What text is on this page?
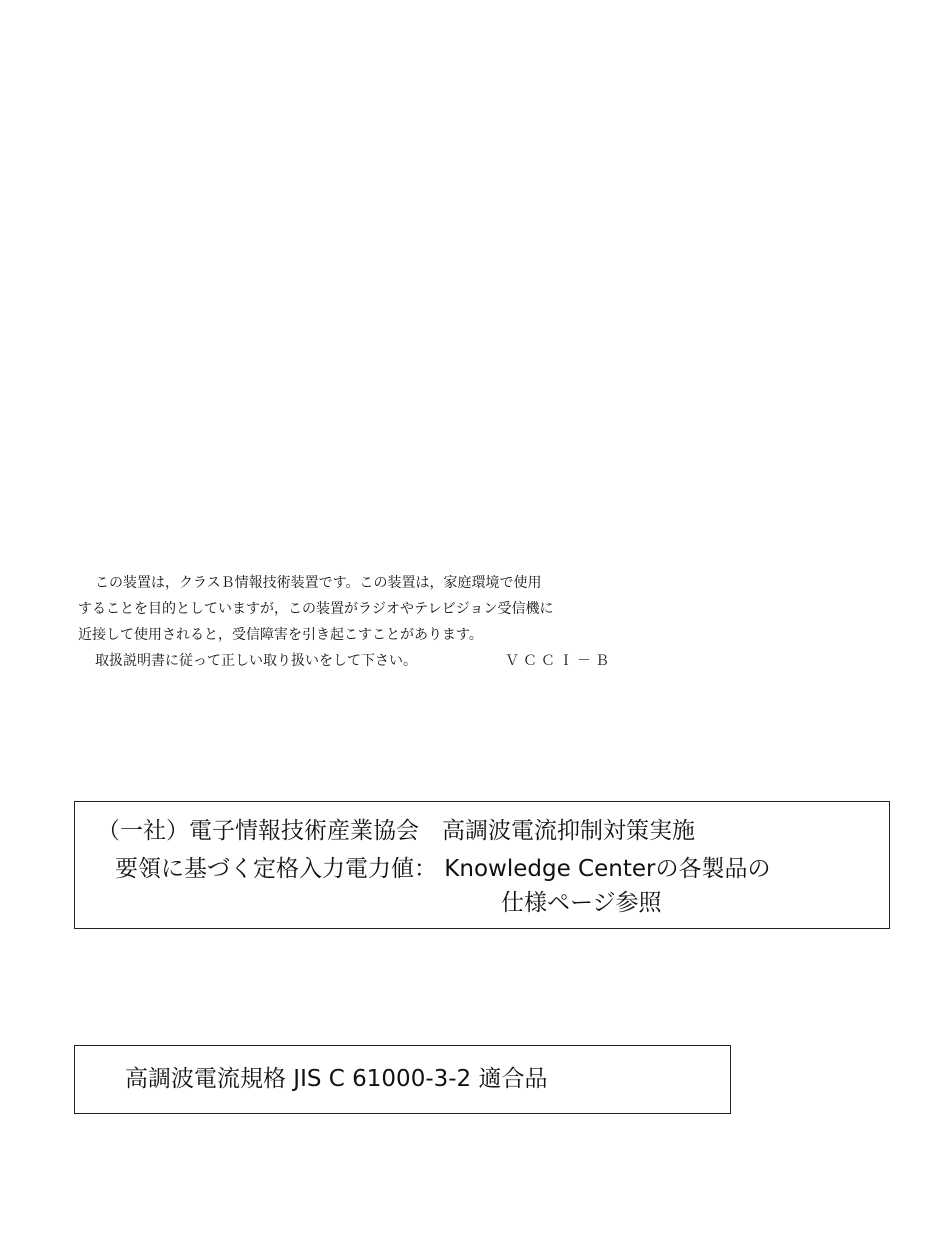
この装置は，クラスＢ情報技術装置です。この装置は，家庭環境で使用

することを目的としていますが，この装置がラジオやテレビジョン受信機に

近接して使用されると，受信障害を引き起こすことがあります。

取扱説明書に従って正しい取り扱いをして下さい。	ＶＣＣＩ－Ｂ
（一社）電子情報技術産業協会　高調波電流抑制対策実施
要領に基づく定格入力電力値： Knowledge Centerの各製品の
仕様ページ参照
高調波電流規格 JIS C 61000-3-2 適合品
